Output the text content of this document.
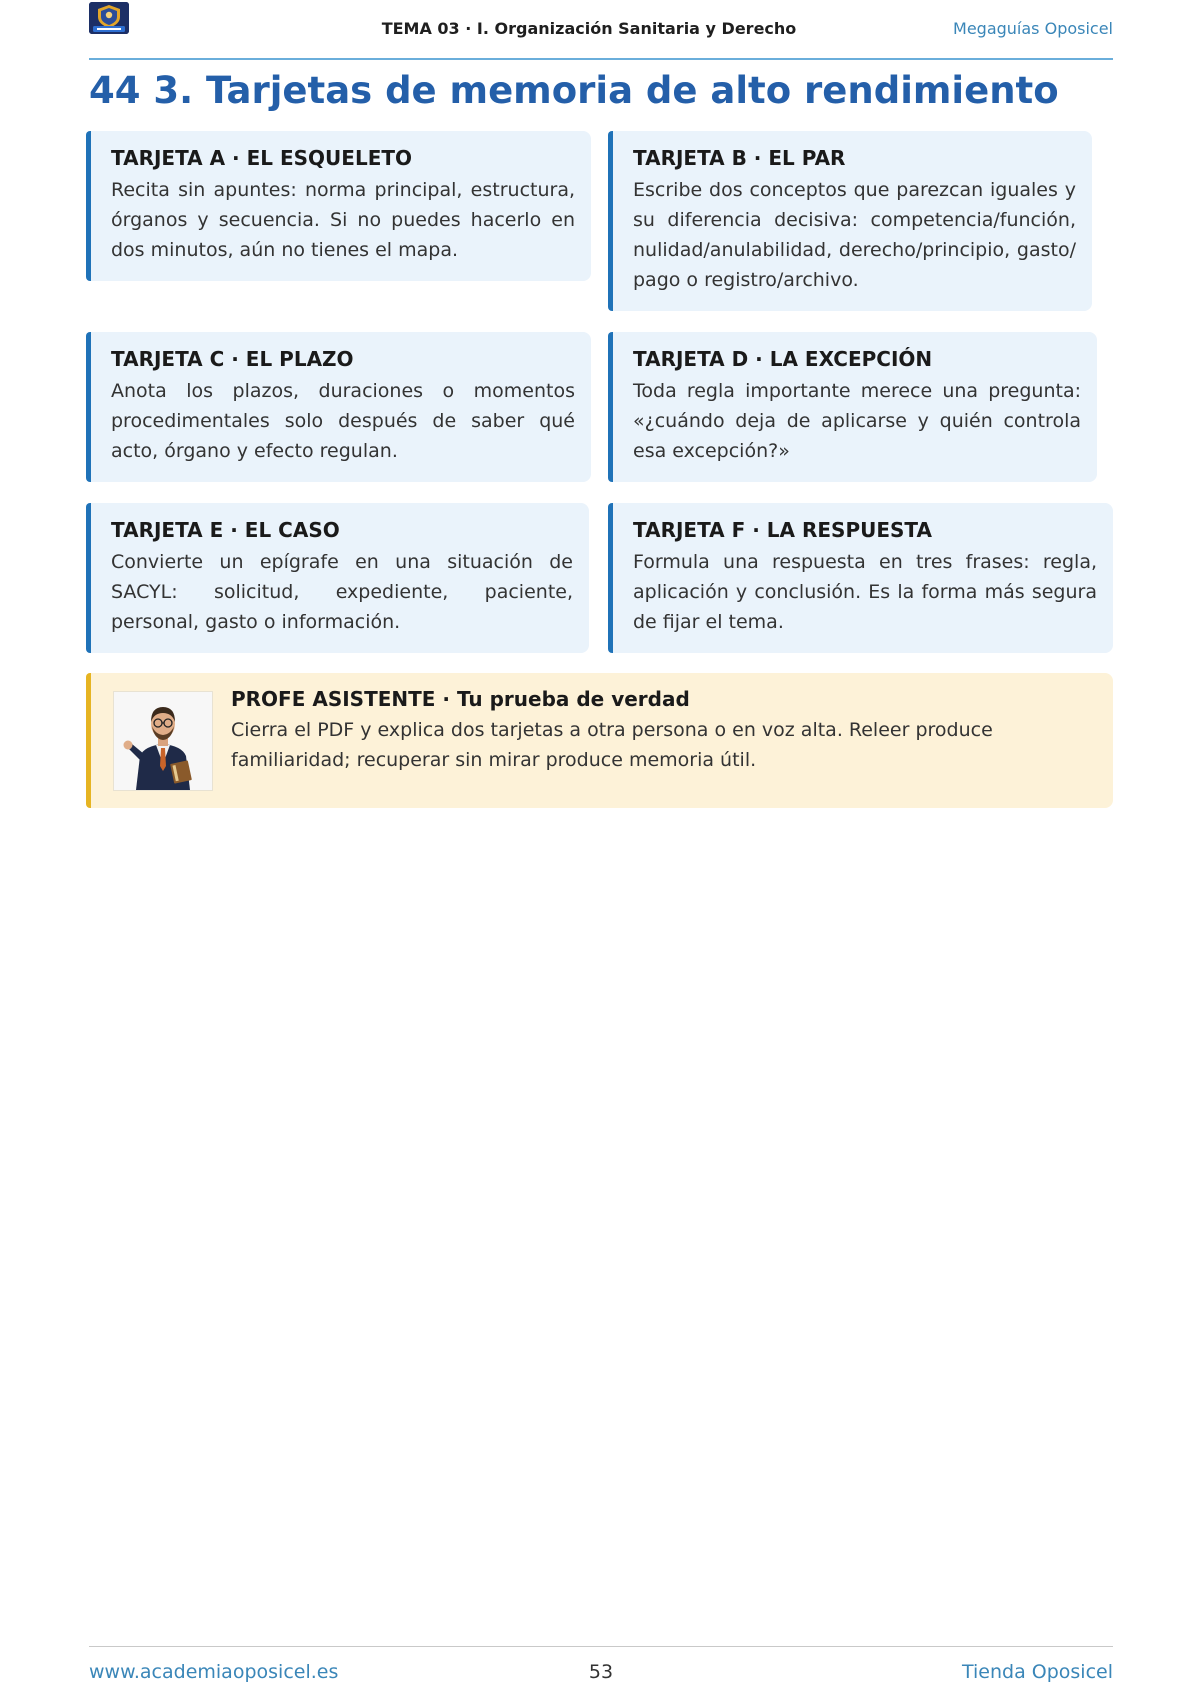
TEMA 03 · I. Organización Sanitaria y Derecho	Megaguías Oposicel
44 3. Tarjetas de memoria de alto rendimiento
TARJETA A · EL ESQUELETO
Recita sin apuntes: norma principal, estructura, órganos y secuencia. Si no puedes hacerlo en dos minutos, aún no tienes el mapa.
TARJETA B · EL PAR
Escribe dos conceptos que parezcan iguales y su diferencia decisiva: competencia/función, nulidad/anulabilidad, derecho/principio, gasto/ pago o registro/archivo.
TARJETA C · EL PLAZO
Anota los plazos, duraciones o momentos procedimentales solo después de saber qué acto, órgano y efecto regulan.
TARJETA D · LA EXCEPCIÓN
Toda regla importante merece una pregunta: «¿cuándo deja de aplicarse y quién controla esa excepción?»
TARJETA E · EL CASO
Convierte un epígrafe en una situación de SACYL: solicitud, expediente, paciente, personal, gasto o información.
TARJETA F · LA RESPUESTA
Formula una respuesta en tres frases: regla, aplicación y conclusión. Es la forma más segura de fijar el tema.
PROFE ASISTENTE · Tu prueba de verdad
Cierra el PDF y explica dos tarjetas a otra persona o en voz alta. Releer produce familiaridad; recuperar sin mirar produce memoria útil.
www.academiaoposicel.es	53	Tienda Oposicel
